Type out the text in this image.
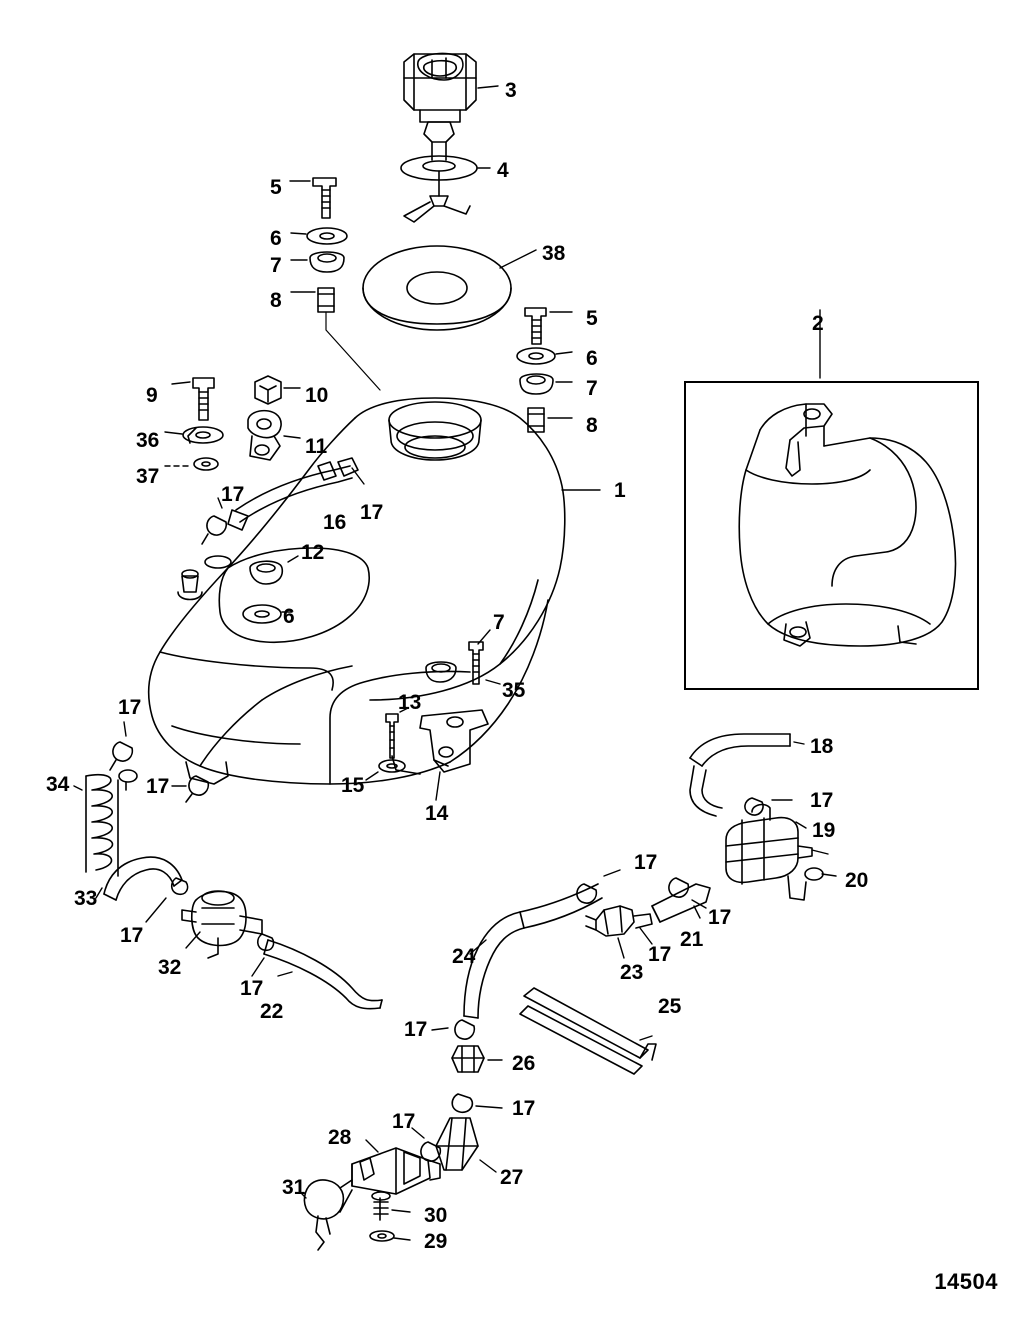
3
4
5
6
7
8
38
2
5
6
7
8
9	10
36	11
37
17	1
16 17
12
6	7
35
13
17
18
15
14
17
34
17
19
33
17
20
17
17
21
17
23
32
17
22
24
25
17
26
17
17
28
27
31
30
29
14504
